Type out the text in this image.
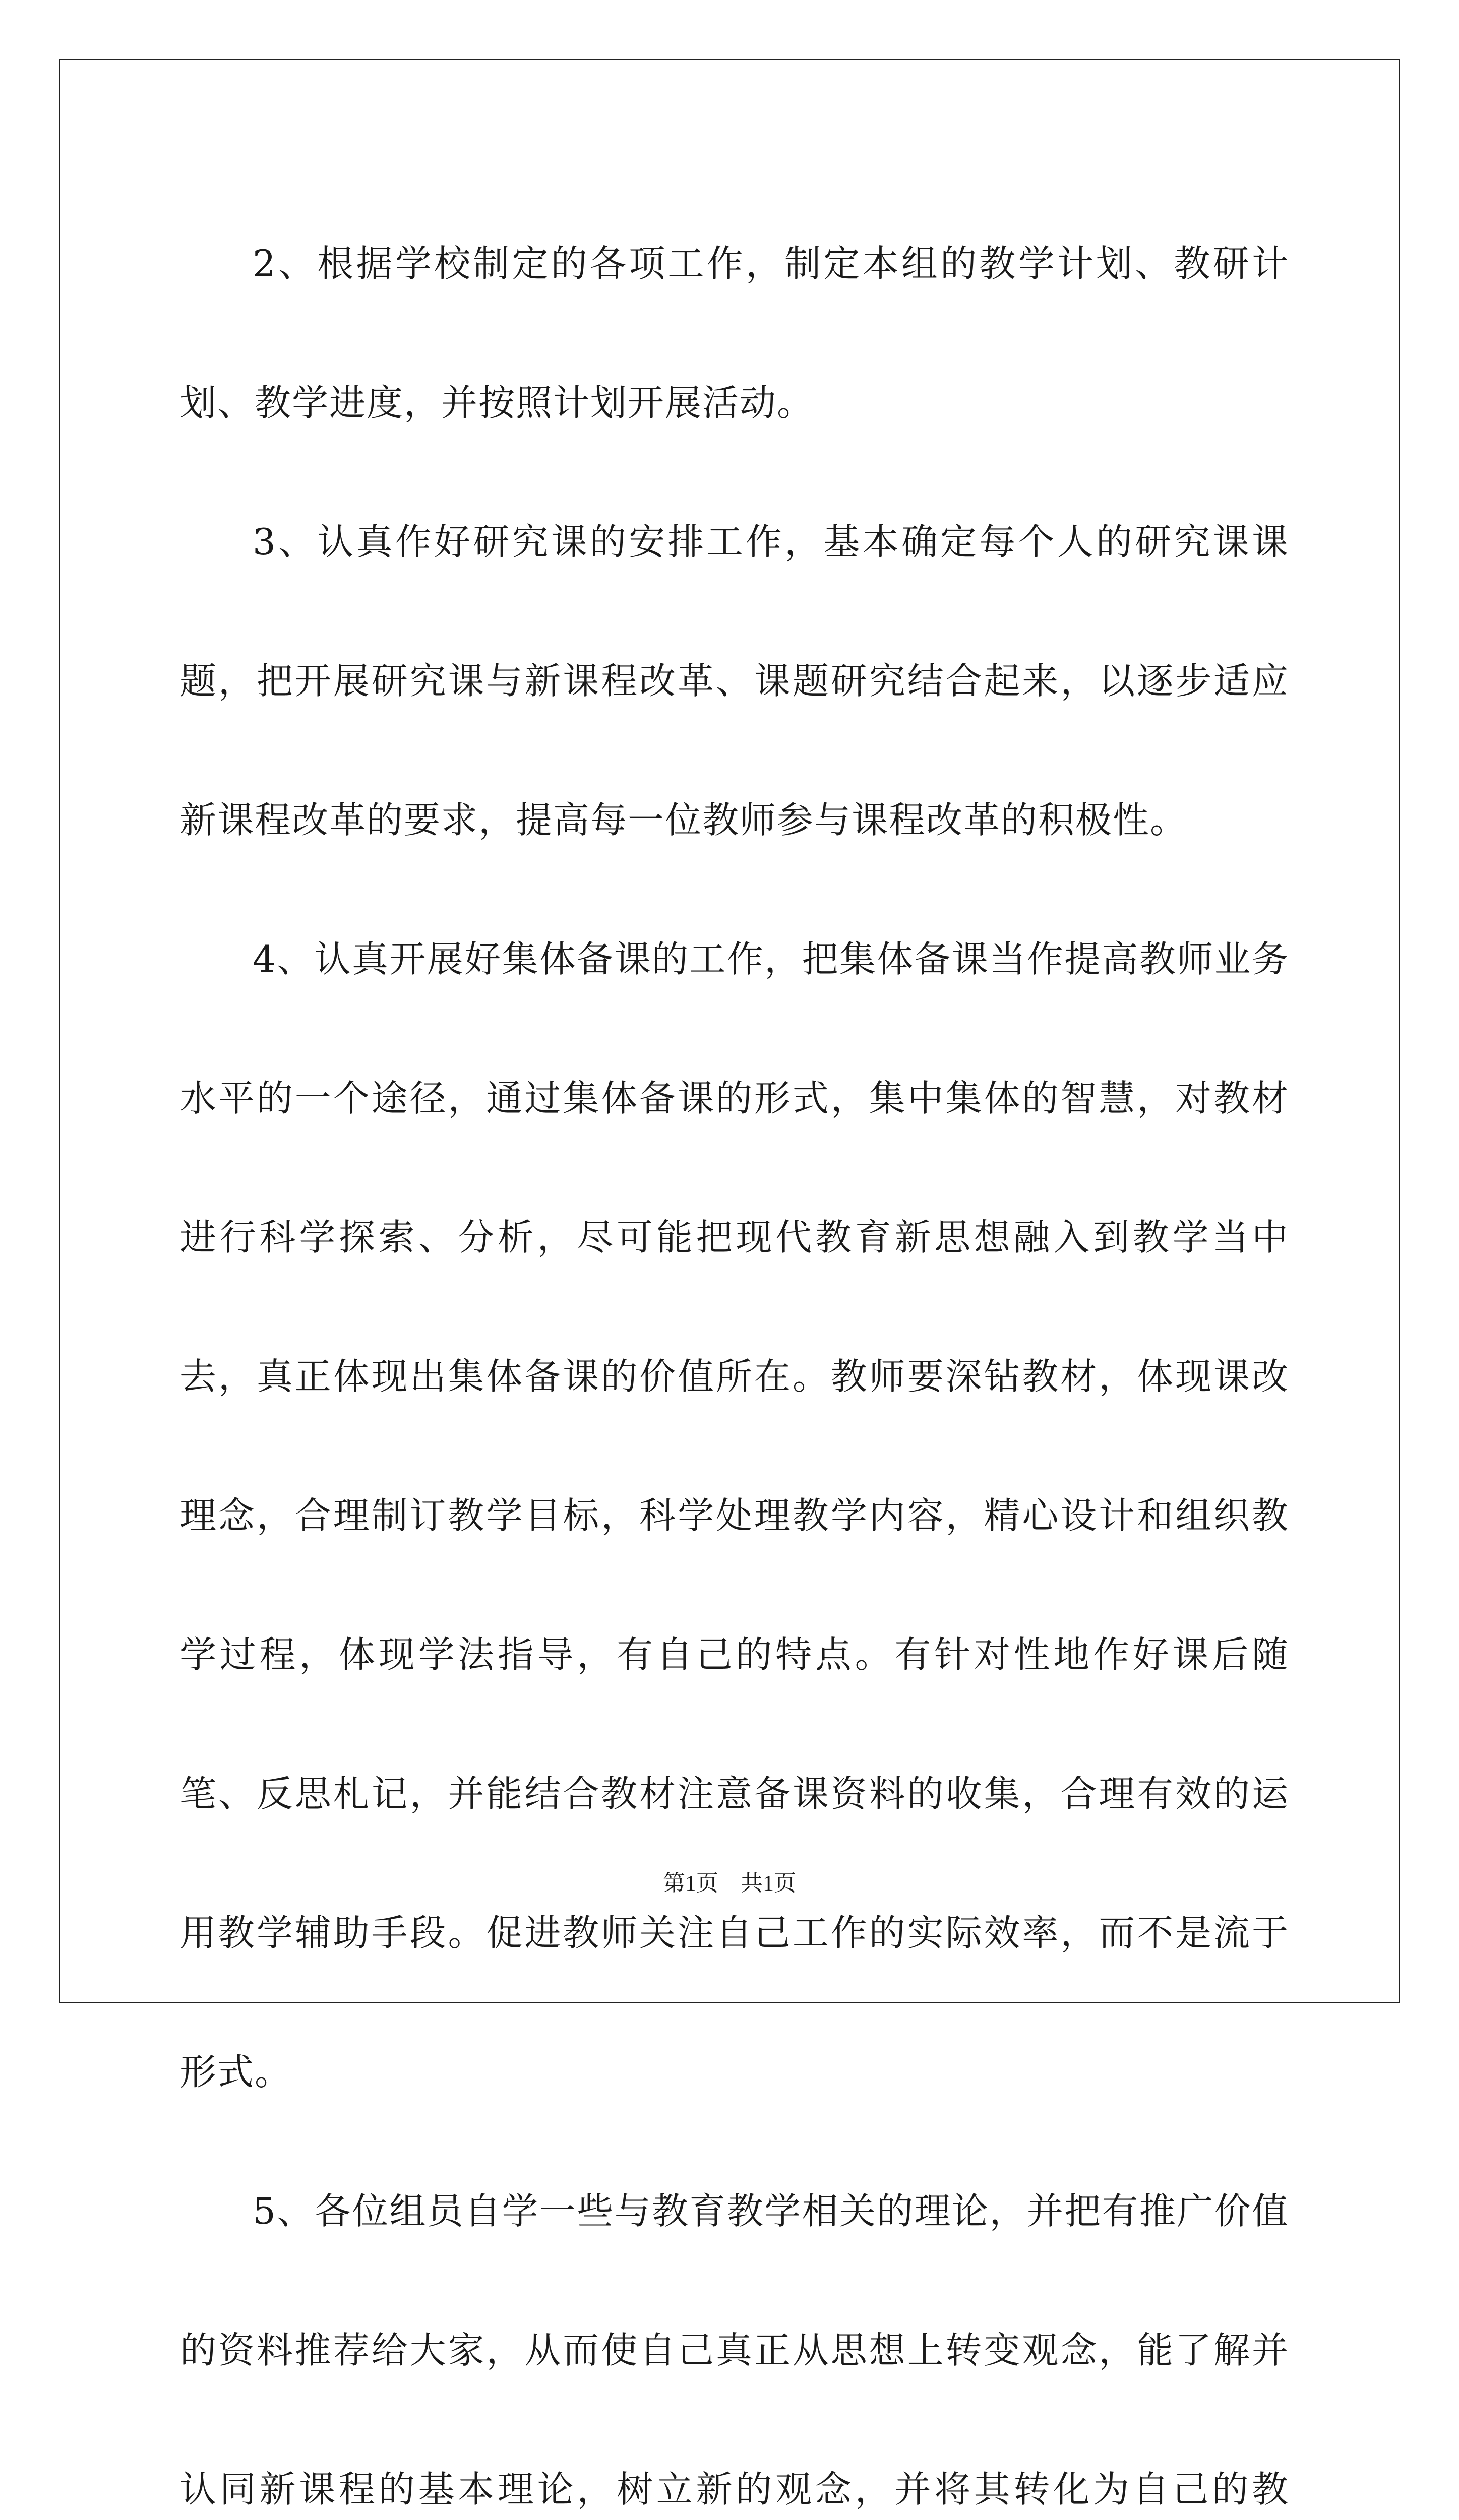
2、根据学校制定的各项工作，制定本组的教学计划、教研计划、教学进度，并按照计划开展活动。

3、认真作好研究课的安排工作，基本确定每个人的研究课课题，把开展研究课与新课程改革、课题研究结合起来，以逐步适应新课程改革的要求，提高每一位教师参与课程改革的积极性。

4、认真开展好集体备课的工作，把集体备课当作提高教师业务水平的一个途径，通过集体备课的形式，集中集体的智慧，对教材进行科学探索、分析，尽可能把现代教育新思想融入到教学当中去，真正体现出集体备课的价值所在。教师要深钻教材，体现课改理念，合理制订教学目标，科学处理教学内容，精心设计和组织教学过程，体现学法指导，有自己的特点。有针对性地作好课后随笔、反思札记，并能结合教材注意备课资料的收集，合理有效的运用教学辅助手段。促进教师关注自己工作的实际效率，而不是流于形式。

5、各位组员自学一些与教育教学相关的理论，并把有推广价值的资料推荐给大家，从而使自己真正从思想上转变观念，能了解并认同新课程的基本理论，树立新的观念，并将其转化为自己的教

第1页　共1页
